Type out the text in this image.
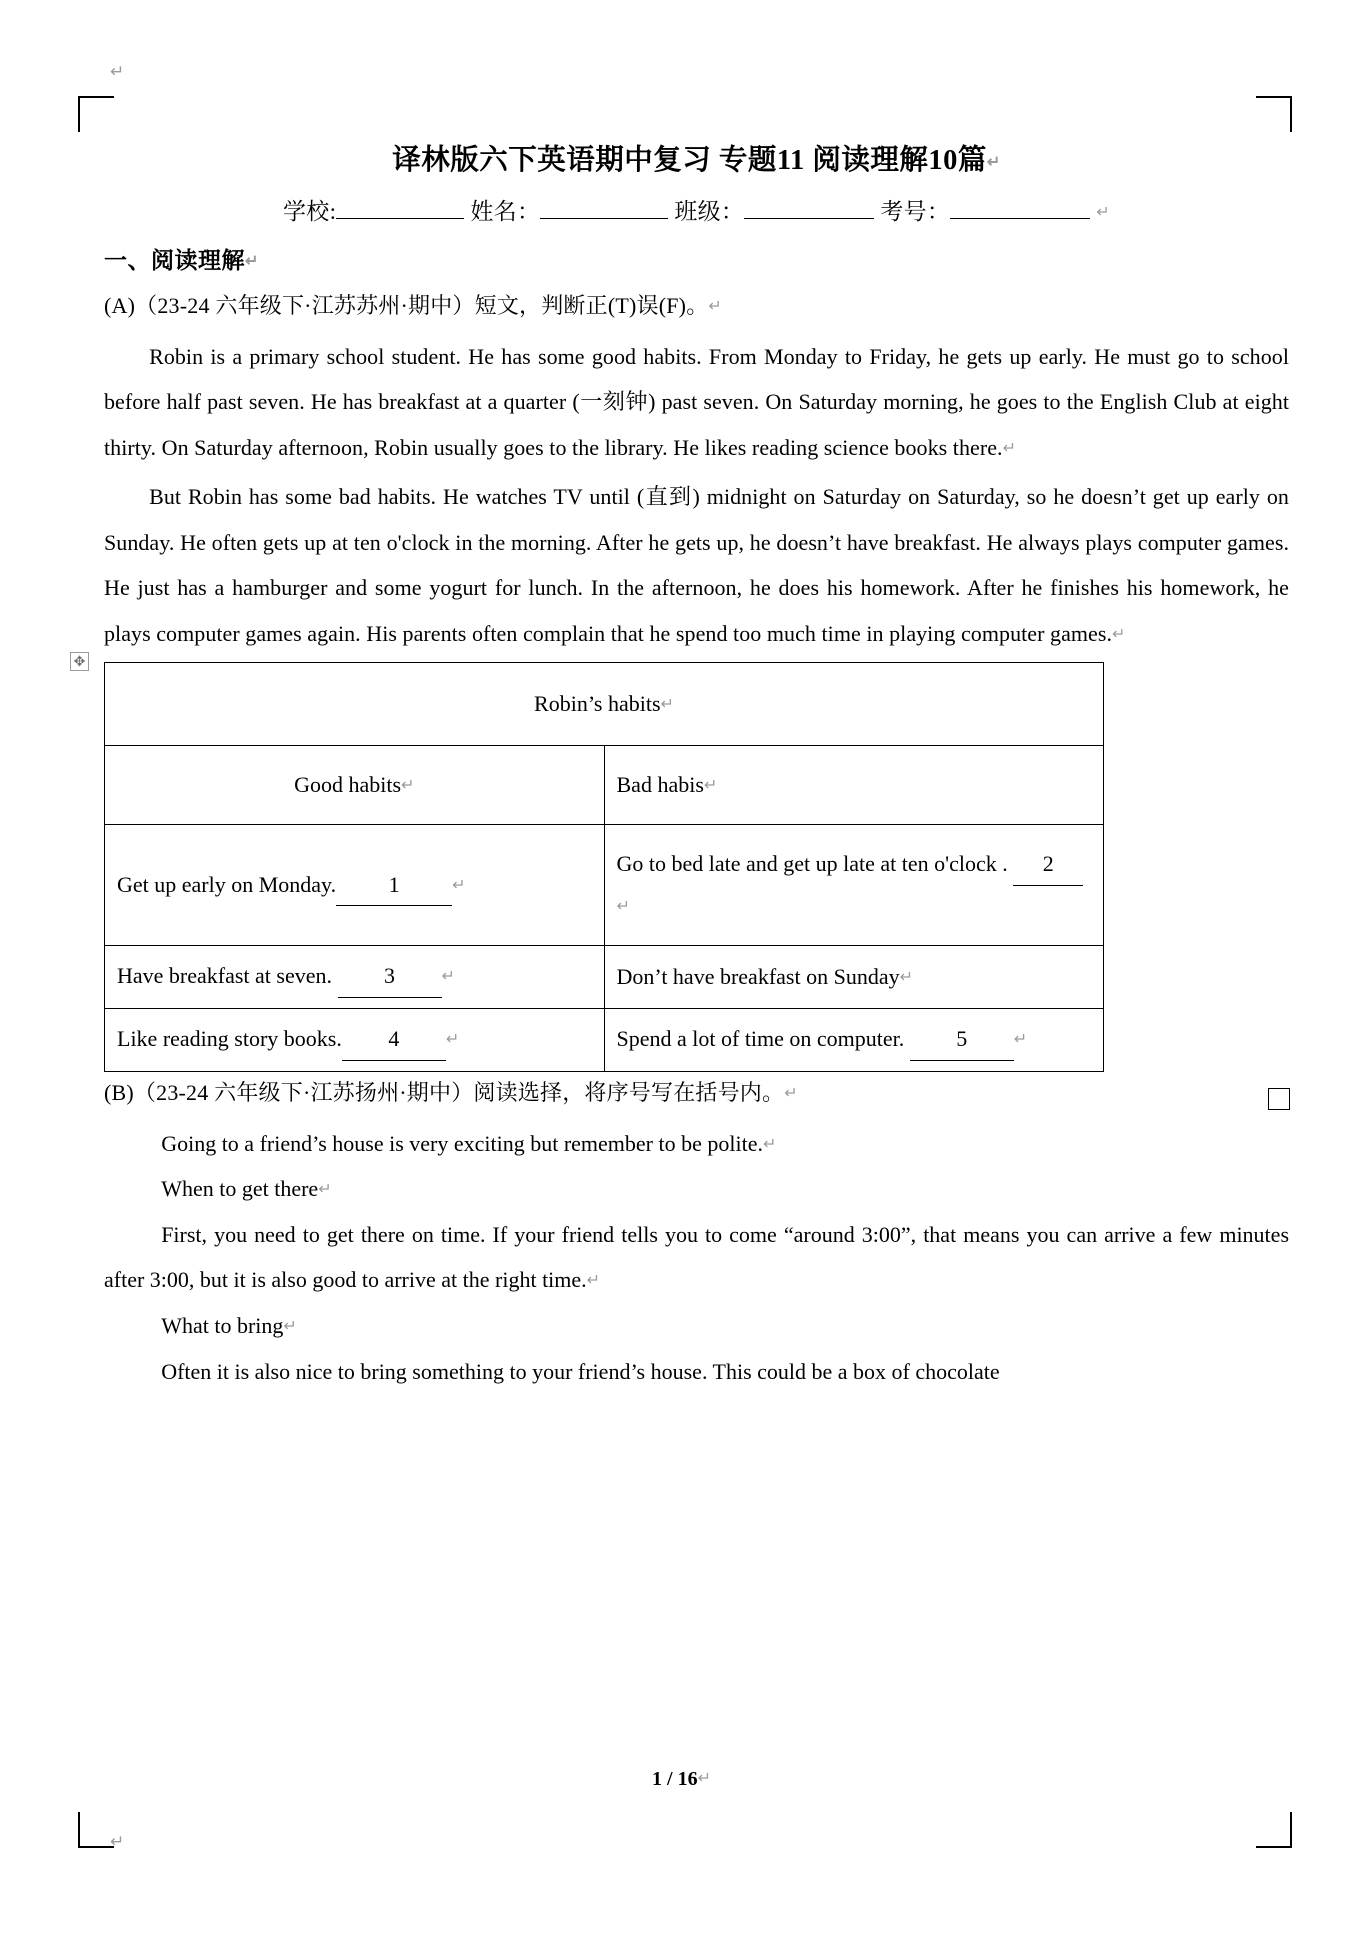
↵
↵
译林版六下英语期中复习 专题11 阅读理解10篇↵
学校:	姓名：	班级：	考号：	↵
一、阅读理解↵
(A)（23-24 六年级下·江苏苏州·期中）短文，判断正(T)误(F)。↵

Robin is a primary school student. He has some good habits. From Monday to Friday, he gets up early. He must go to school before half past seven. He has breakfast at a quarter (一刻钟) past seven. On Saturday morning, he goes to the English Club at eight thirty. On Saturday afternoon, Robin usually goes to the library. He likes reading science books there.↵

But Robin has some bad habits. He watches TV until (直到) midnight on Saturday on Saturday, so he doesn’t get up early on Sunday. He often gets up at ten o'clock in the morning. After he gets up, he doesn’t have breakfast. He always plays computer games. He just has a hamburger and some yogurt for lunch. In the afternoon, he does his homework. After he finishes his homework, he plays computer games again. His parents often complain that he spend too much time in playing computer games.↵

✥
Robin’s habits↵	
Good habits↵	Bad habis↵
Get up early on Monday. 1 ↵	Go to bed late and get up late at ten o'clock . 2↵
Have breakfast at seven. 3 ↵	Don’t have breakfast on Sunday↵
Like reading story books. 4 ↵	Spend a lot of time on computer. 5 ↵
(B)（23-24 六年级下·江苏扬州·期中）阅读选择，将序号写在括号内。↵

Going to a friend’s house is very exciting but remember to be polite.↵

When to get there↵

First, you need to get there on time. If your friend tells you to come “around 3:00”, that means you can arrive a few minutes after 3:00, but it is also good to arrive at the right time.↵

What to bring↵

Often it is also nice to bring something to your friend’s house. This could be a box of chocolate

1 / 16↵
